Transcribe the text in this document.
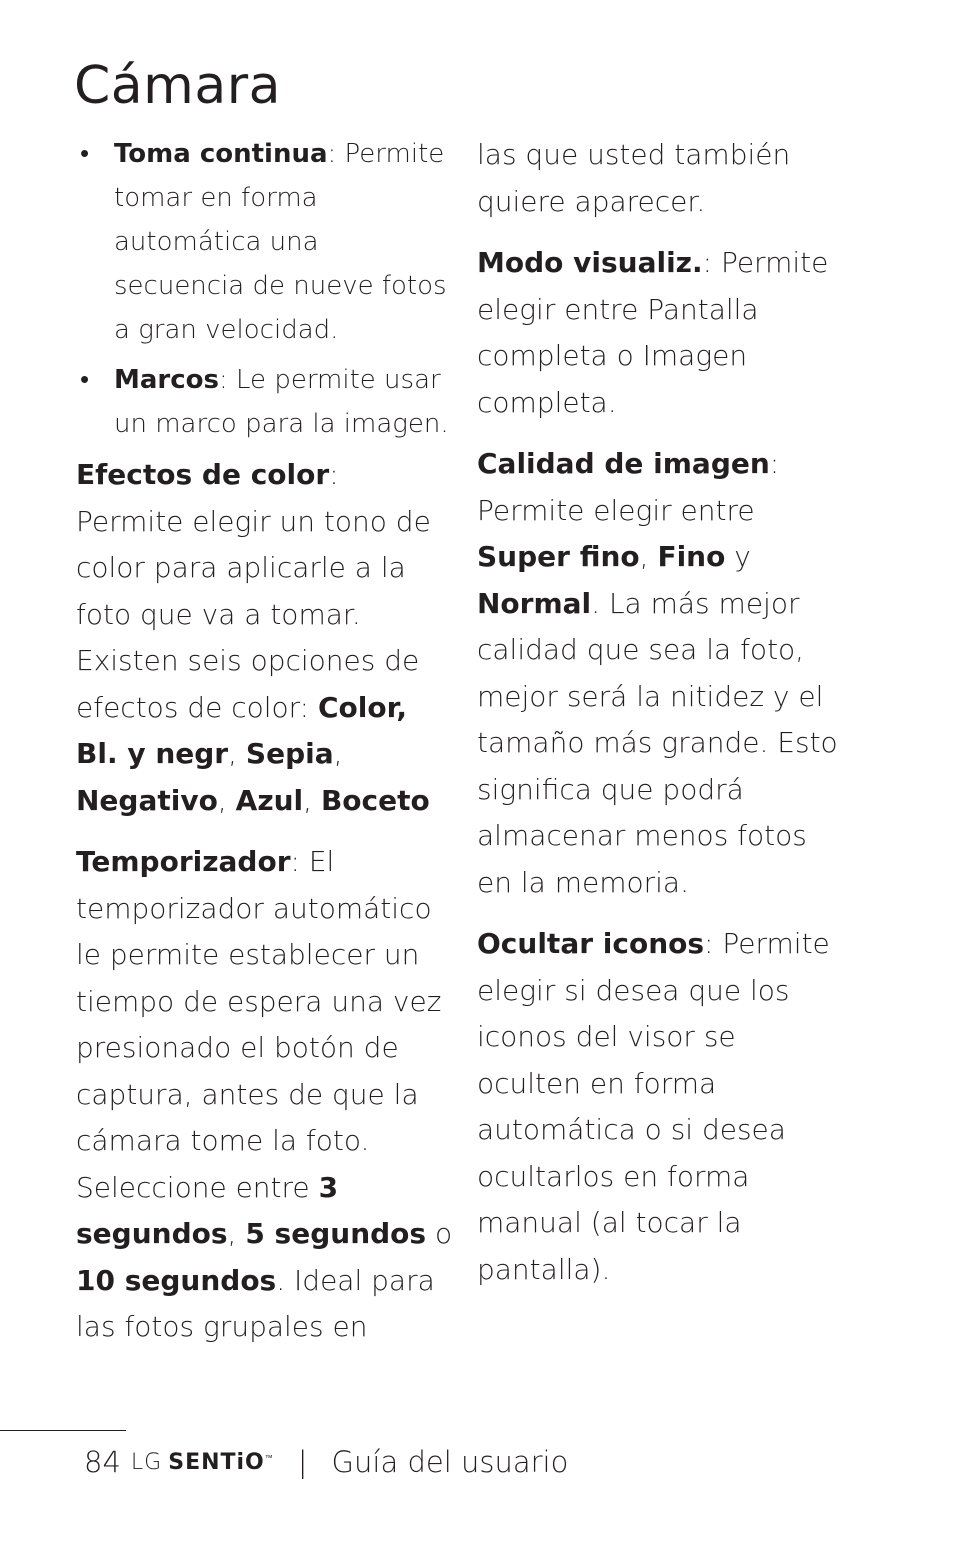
Cámara

• Toma continua: Permite tomar en forma automática una secuencia de nueve fotos a gran velocidad.

• Marcos: Le permite usar un marco para la imagen.

Efectos de color: Permite elegir un tono de color para aplicarle a la foto que va a tomar. Existen seis opciones de efectos de color: Color, Bl. y negr, Sepia, Negativo, Azul, Boceto

Temporizador: El temporizador automático le permite establecer un tiempo de espera una vez presionado el botón de captura, antes de que la cámara tome la foto. Seleccione entre 3 segundos, 5 segundos o 10 segundos. Ideal para las fotos grupales en

las que usted también quiere aparecer.

Modo visualiz.: Permite elegir entre Pantalla completa o Imagen completa.

Calidad de imagen: Permite elegir entre Super fino, Fino y Normal. La más mejor calidad que sea la foto, mejor será la nitidez y el tamaño más grande. Esto significa que podrá almacenar menos fotos en la memoria.

Ocultar iconos: Permite elegir si desea que los iconos del visor se oculten en forma automática o si desea ocultarlos en forma manual (al tocar la pantalla).

84 LG SENTiO™ | Guía del usuario
